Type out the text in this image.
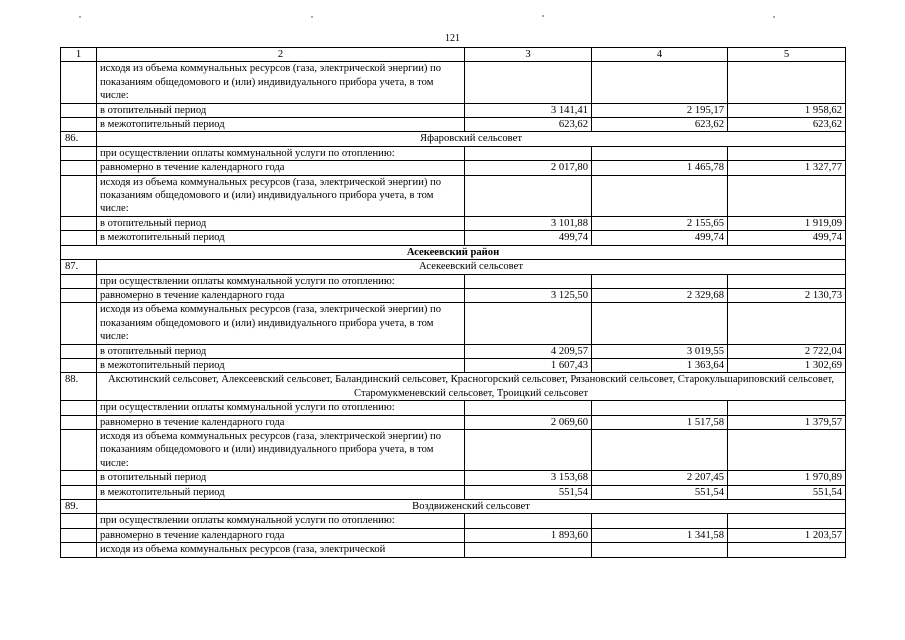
121
1	2	3	4	5
	исходя из объема коммунальных ресурсов (газа, электрической энергии) по показаниям общедомового и (или) индивидуального прибора учета, в том числе:			
	в отопительный период	3 141,41	2 195,17	1 958,62
	в межотопительный период	623,62	623,62	623,62
86.	Яфаровский сельсовет			
	при осуществлении оплаты коммунальной услуги по отоплению:			
	равномерно в течение календарного года	2 017,80	1 465,78	1 327,77
	исходя из объема коммунальных ресурсов (газа, электрической энергии) по показаниям общедомового и (или) индивидуального прибора учета, в том числе:			
	в отопительный период	3 101,88	2 155,65	1 919,09
	в межотопительный период	499,74	499,74	499,74
Асекеевский район				
87.	Асекеевский сельсовет			
	при осуществлении оплаты коммунальной услуги по отоплению:			
	равномерно в течение календарного года	3 125,50	2 329,68	2 130,73
	исходя из объема коммунальных ресурсов (газа, электрической энергии) по показаниям общедомового и (или) индивидуального прибора учета, в том числе:			
	в отопительный период	4 209,57	3 019,55	2 722,04
	в межотопительный период	1 607,43	1 363,64	1 302,69
88.	Аксютинский сельсовет, Алексеевский сельсовет, Баландинский сельсовет, Красногорский сельсовет, Рязановский сельсовет, Старокульшариповский сельсовет, Старомукменевский сельсовет, Троицкий сельсовет			
	при осуществлении оплаты коммунальной услуги по отоплению:			
	равномерно в течение календарного года	2 069,60	1 517,58	1 379,57
	исходя из объема коммунальных ресурсов (газа, электрической энергии) по показаниям общедомового и (или) индивидуального прибора учета, в том числе:			
	в отопительный период	3 153,68	2 207,45	1 970,89
	в межотопительный период	551,54	551,54	551,54
89.	Воздвиженский сельсовет			
	при осуществлении оплаты коммунальной услуги по отоплению:			
	равномерно в течение календарного года	1 893,60	1 341,58	1 203,57
	исходя из объема коммунальных ресурсов (газа, электрической			
